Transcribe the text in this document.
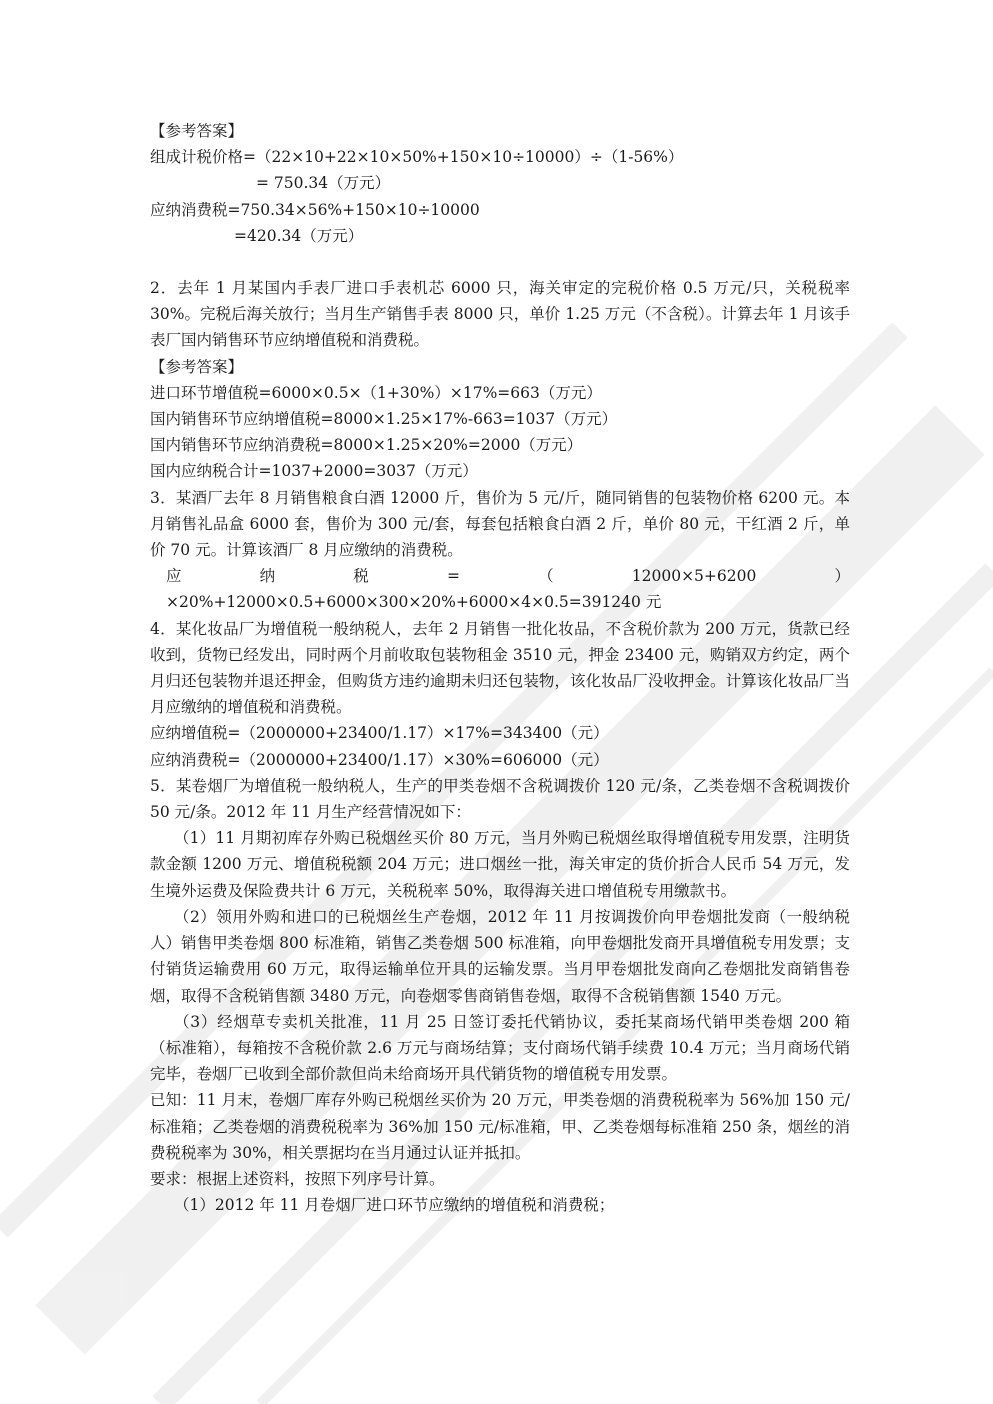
【参考答案】
组成计税价格=（22×10+22×10×50%+150×10÷10000）÷（1-56%）
= 750.34（万元）
应纳消费税=750.34×56%+150×10÷10000
=420.34（万元）
2．去年 1 月某国内手表厂进口手表机芯 6000 只，海关审定的完税价格 0.5 万元/只，关税税率 30%。完税后海关放行；当月生产销售手表 8000 只，单价 1.25 万元（不含税）。计算去年 1 月该手表厂国内销售环节应纳增值税和消费税。
【参考答案】
进口环节增值税=6000×0.5×（1+30%）×17%=663（万元）
国内销售环节应纳增值税=8000×1.25×17%-663=1037（万元）
国内销售环节应纳消费税=8000×1.25×20%=2000（万元）
国内应纳税合计=1037+2000=3037（万元）
3．某酒厂去年 8 月销售粮食白酒 12000 斤，售价为 5 元/斤，随同销售的包装物价格 6200 元。本月销售礼品盒 6000 套，售价为 300 元/套，每套包括粮食白酒 2 斤，单价 80 元，干红酒 2 斤，单价 70 元。计算该酒厂 8 月应缴纳的消费税。
应纳税=（12000×5+6200）×20%+12000×0.5+6000×300×20%+6000×4×0.5=391240 元
4．某化妆品厂为增值税一般纳税人，去年 2 月销售一批化妆品，不含税价款为 200 万元，货款已经收到，货物已经发出，同时两个月前收取包装物租金 3510 元，押金 23400 元，购销双方约定，两个月归还包装物并退还押金，但购货方违约逾期未归还包装物，该化妆品厂没收押金。计算该化妆品厂当月应缴纳的增值税和消费税。
应纳增值税=（2000000+23400/1.17）×17%=343400（元）
应纳消费税=（2000000+23400/1.17）×30%=606000（元）
5．某卷烟厂为增值税一般纳税人，生产的甲类卷烟不含税调拨价 120 元/条，乙类卷烟不含税调拨价 50 元/条。2012 年 11 月生产经营情况如下：
（1）11 月期初库存外购已税烟丝买价 80 万元，当月外购已税烟丝取得增值税专用发票，注明货款金额 1200 万元、增值税税额 204 万元；进口烟丝一批，海关审定的货价折合人民币 54 万元，发生境外运费及保险费共计 6 万元，关税税率 50%，取得海关进口增值税专用缴款书。
（2）领用外购和进口的已税烟丝生产卷烟，2012 年 11 月按调拨价向甲卷烟批发商（一般纳税人）销售甲类卷烟 800 标准箱，销售乙类卷烟 500 标准箱，向甲卷烟批发商开具增值税专用发票；支付销货运输费用 60 万元，取得运输单位开具的运输发票。当月甲卷烟批发商向乙卷烟批发商销售卷烟，取得不含税销售额 3480 万元，向卷烟零售商销售卷烟，取得不含税销售额 1540 万元。
（3）经烟草专卖机关批准，11 月 25 日签订委托代销协议，委托某商场代销甲类卷烟 200 箱（标准箱），每箱按不含税价款 2.6 万元与商场结算；支付商场代销手续费 10.4 万元；当月商场代销完毕，卷烟厂已收到全部价款但尚未给商场开具代销货物的增值税专用发票。
已知：11 月末，卷烟厂库存外购已税烟丝买价为 20 万元，甲类卷烟的消费税税率为 56%加 150 元/标准箱；乙类卷烟的消费税税率为 36%加 150 元/标准箱，甲、乙类卷烟每标准箱 250 条，烟丝的消费税税率为 30%，相关票据均在当月通过认证并抵扣。
要求：根据上述资料，按照下列序号计算。
（1）2012 年 11 月卷烟厂进口环节应缴纳的增值税和消费税；
